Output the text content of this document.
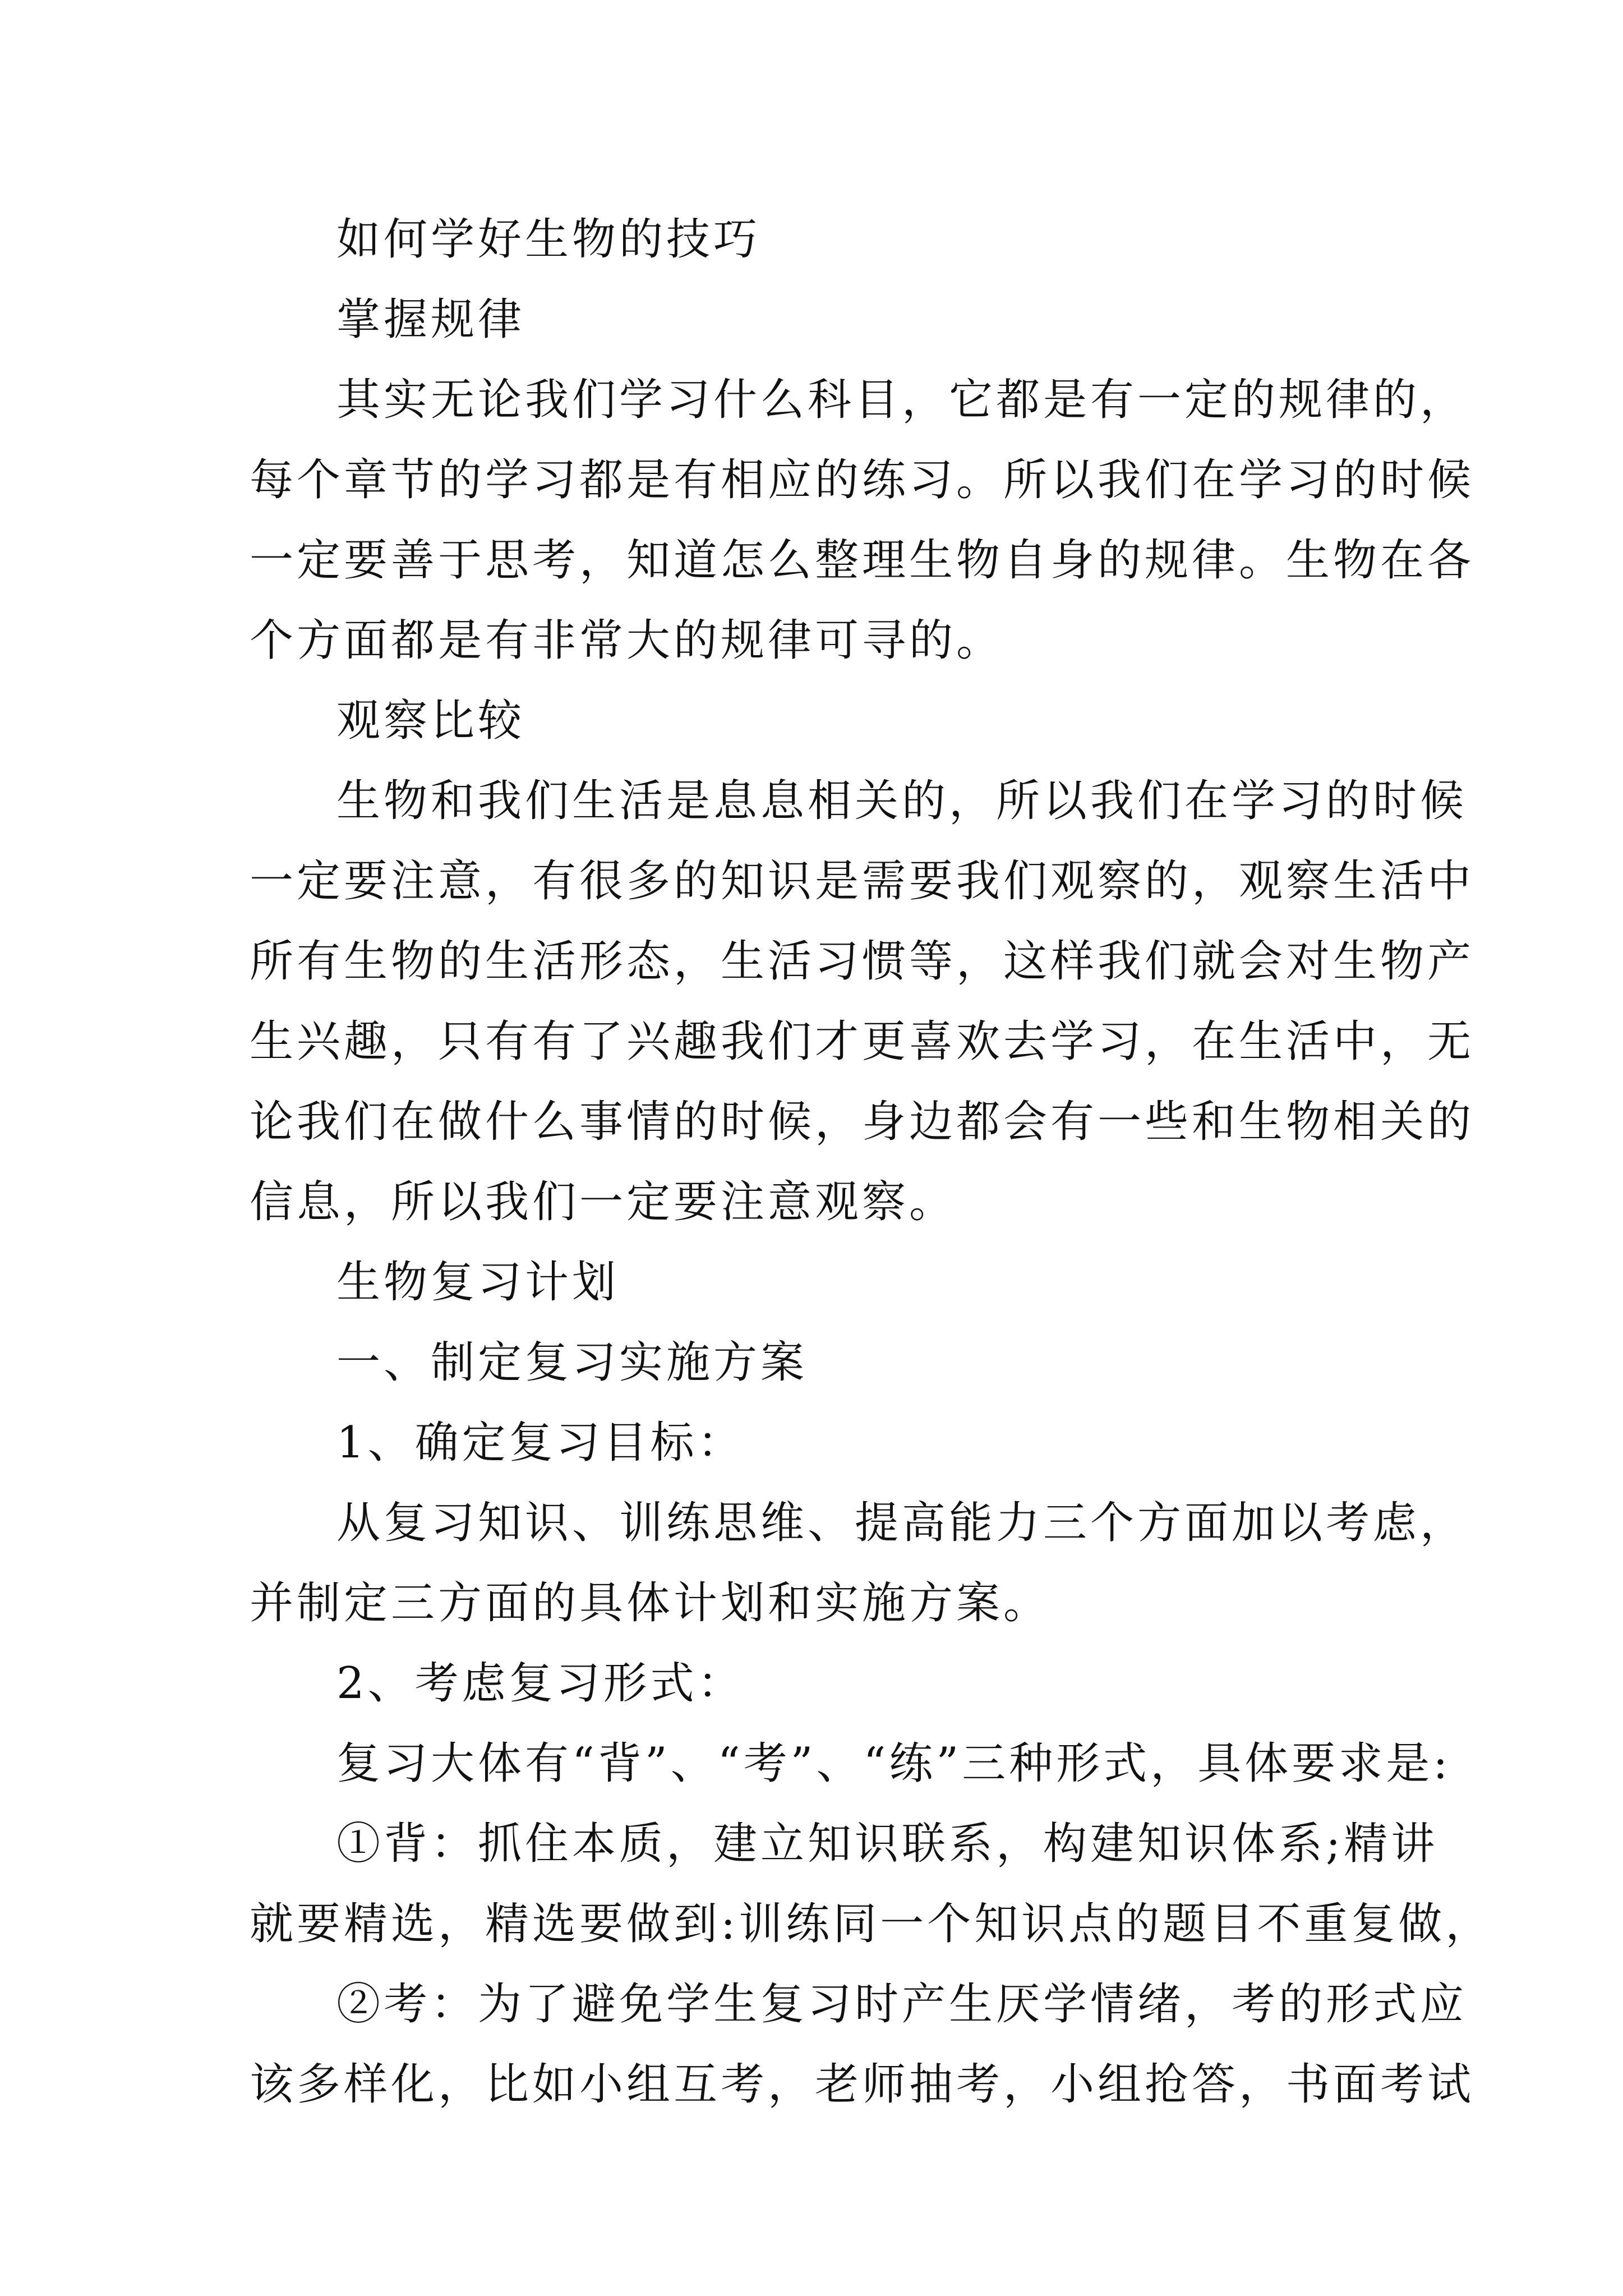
如何学好生物的技巧
掌握规律
其实无论我们学习什么科目，它都是有一定的规律的，
每个章节的学习都是有相应的练习。所以我们在学习的时候
一定要善于思考，知道怎么整理生物自身的规律。生物在各
个方面都是有非常大的规律可寻的。
观察比较
生物和我们生活是息息相关的，所以我们在学习的时候
一定要注意，有很多的知识是需要我们观察的，观察生活中
所有生物的生活形态，生活习惯等，这样我们就会对生物产
生兴趣，只有有了兴趣我们才更喜欢去学习，在生活中，无
论我们在做什么事情的时候，身边都会有一些和生物相关的
信息，所以我们一定要注意观察。
生物复习计划
一、制定复习实施方案
1、确定复习目标：
从复习知识、训练思维、提高能力三个方面加以考虑，
并制定三方面的具体计划和实施方案。
2、考虑复习形式：
复习大体有“背”、“考”、“练”三种形式，具体要求是:
①背：抓住本质，建立知识联系，构建知识体系;精讲
就要精选，精选要做到:训练同一个知识点的题目不重复做，
②考：为了避免学生复习时产生厌学情绪，考的形式应
该多样化，比如小组互考，老师抽考，小组抢答，书面考试
